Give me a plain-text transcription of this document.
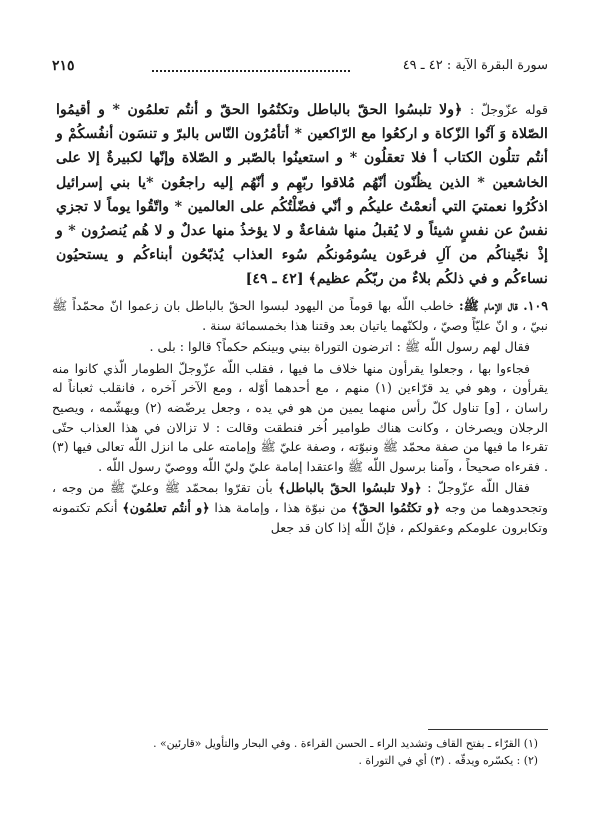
سورة البقرة الآية : ٤٢ ـ ٤٩
٢١٥
قوله عزّوجلّ : ﴿ولا تلبسُوا الحقّ بالباطل وتكتُمُوا الحقّ و أنتُم تعلمُون * و أقيمُوا الصّلاة وَ آتُوا الزّكاة و اركعُوا مع الرّاكعين * أتأمُرُون النّاس بالبرّ و تنسَون أنفُسكُمْ و أنتُم تتلُون الكتاب أ فلا تعقلُون * و استعينُوا بالصّبر و الصّلاة وإنّها لكبيرةٌ إلا على الخاشعين * الذين يظُنّون أنّهُم مُلاقوا ربّهِم و أنّهُم إليه راجعُون *يا بني إسرائيل اذكُرُوا نعمتيَ التي أنعمْتُ عليكُم و أنّي فضّلْتُكُم على العالمين * واتّقُوا يوماً لا تجزي نفسٌ عن نفسٍ شيئاً و لا يُقبلُ منها شفاعةٌ و لا يؤخذُ منها عدلٌ و لا هُم يُنصرُون * و إذْ نجّيناكُم من آلِ فرعَون يسُومُونكُم سُوء العذاب يُذبّحُون أبناءكُم و يستحيُون نساءكُم و في ذلكُم بلاءٌ من ربّكُم عظيم﴾ [٤٢ ـ ٤٩]

١٠٩. قال الإمام ﷺ: خاطب اللّه بها قوماً من اليهود لبسوا الحقّ بالباطل بان زعموا انّ محمّداً ﷺ نبيّ ، و انّ عليّاً وصيّ ، ولكنّهما ياتيان بعد وقتنا هذا بخمسمائة سنة .

فقال لهم رسول اللّه ﷺ : اترضون التوراة بيني وبينكم حكماً؟ قالوا : بلى .

فجاءوا بها ، وجعلوا يقرأون منها خلاف ما فيها ، فقلب اللّه عزّوجلّ الطومار الّذي كانوا منه يقرأون ، وهو في يد قرّاءين (١) منهم ، مع أحدهما أوّله ، ومع الآخر آخره ، فانقلب ثعباناً له راسان ، [و] تناول كلّ رأس منهما يمين من هو في يده ، وجعل يرضّضه (٢) ويهشّمه ، ويصيح الرجلان ويصرخان ، وكانت هناك طوامير اُخر فنطقت وقالت : لا تزالان في هذا العذاب حتّى تقرءا ما فيها من صفة محمّد ﷺ ونبوّته ، وصفة عليّ ﷺ وإمامته على ما انزل اللّه تعالى فيها (٣) . فقرءاه صحيحاً ، وآمنا برسول اللّه ﷺ واعتقدا إمامة عليّ وليّ اللّه ووصيّ رسول اللّه .

فقال اللّه عزّوجلّ : ﴿ولا تلبسُوا الحقّ بالباطل﴾ بأن تقرّوا بمحمّد ﷺ وعليّ ﷺ من وجه ، وتجحدوهما من وجه ﴿و تكتُمُوا الحقّ﴾ من نبوّة هذا ، وإمامة هذا ﴿و أنتُم تعلمُون﴾ أنكم تكتمونه وتكابرون علومكم وعقولكم ، فإنّ اللّه إذا كان قد جعل

(١) القرّاء ـ بفتح القاف وتشديد الراء ـ الحسن القراءة . وفي البحار والتأويل «قارئين» .
(٢) : يكسّره ويدقّه . (٣) أي في التوراة .
